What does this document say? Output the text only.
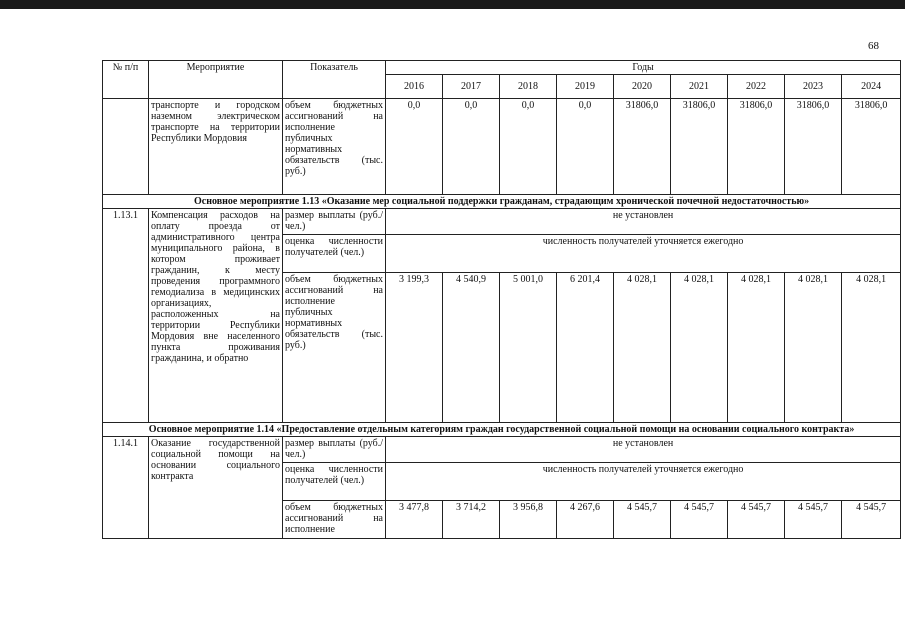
68
№ п/п	Мероприятие	Показатель	Годы								
			2016	2017	2018	2019	2020	2021	2022	2023	2024
	транспорте и городском наземном электрическом транспорте на территории Республики Мордовия	объем бюджетных ассигнований на исполнение публичных нормативных обязательств (тыс. руб.)	0,0	0,0	0,0	0,0	31806,0	31806,0	31806,0	31806,0	31806,0
Основное мероприятие 1.13 «Оказание мер социальной поддержки гражданам, страдающим хронической почечной недостаточностью»											
1.13.1	Компенсация расходов на оплату проезда от административного центра муниципального района, в котором проживает гражданин, к месту проведения программного гемодиализа в медицинских организациях, расположенных на территории Республики Мордовия вне населенного пункта проживания гражданина, и обратно	размер выплаты (руб./ чел.)	не установлен								
		оценка численности получателей (чел.)	численность получателей уточняется ежегодно								
		объем бюджетных ассигнований на исполнение публичных нормативных обязательств (тыс. руб.)	3 199,3	4 540,9	5 001,0	6 201,4	4 028,1	4 028,1	4 028,1	4 028,1	4 028,1
Основное мероприятие 1.14 «Предоставление отдельным категориям граждан государственной социальной помощи на основании социального контракта»											
1.14.1	Оказание государственной социальной помощи на основании социального контракта	размер выплаты (руб./ чел.)	не установлен								
		оценка численности получателей (чел.)	численность получателей уточняется ежегодно								
		объем бюджетных ассигнований на исполнение	3 477,8	3 714,2	3 956,8	4 267,6	4 545,7	4 545,7	4 545,7	4 545,7	4 545,7
